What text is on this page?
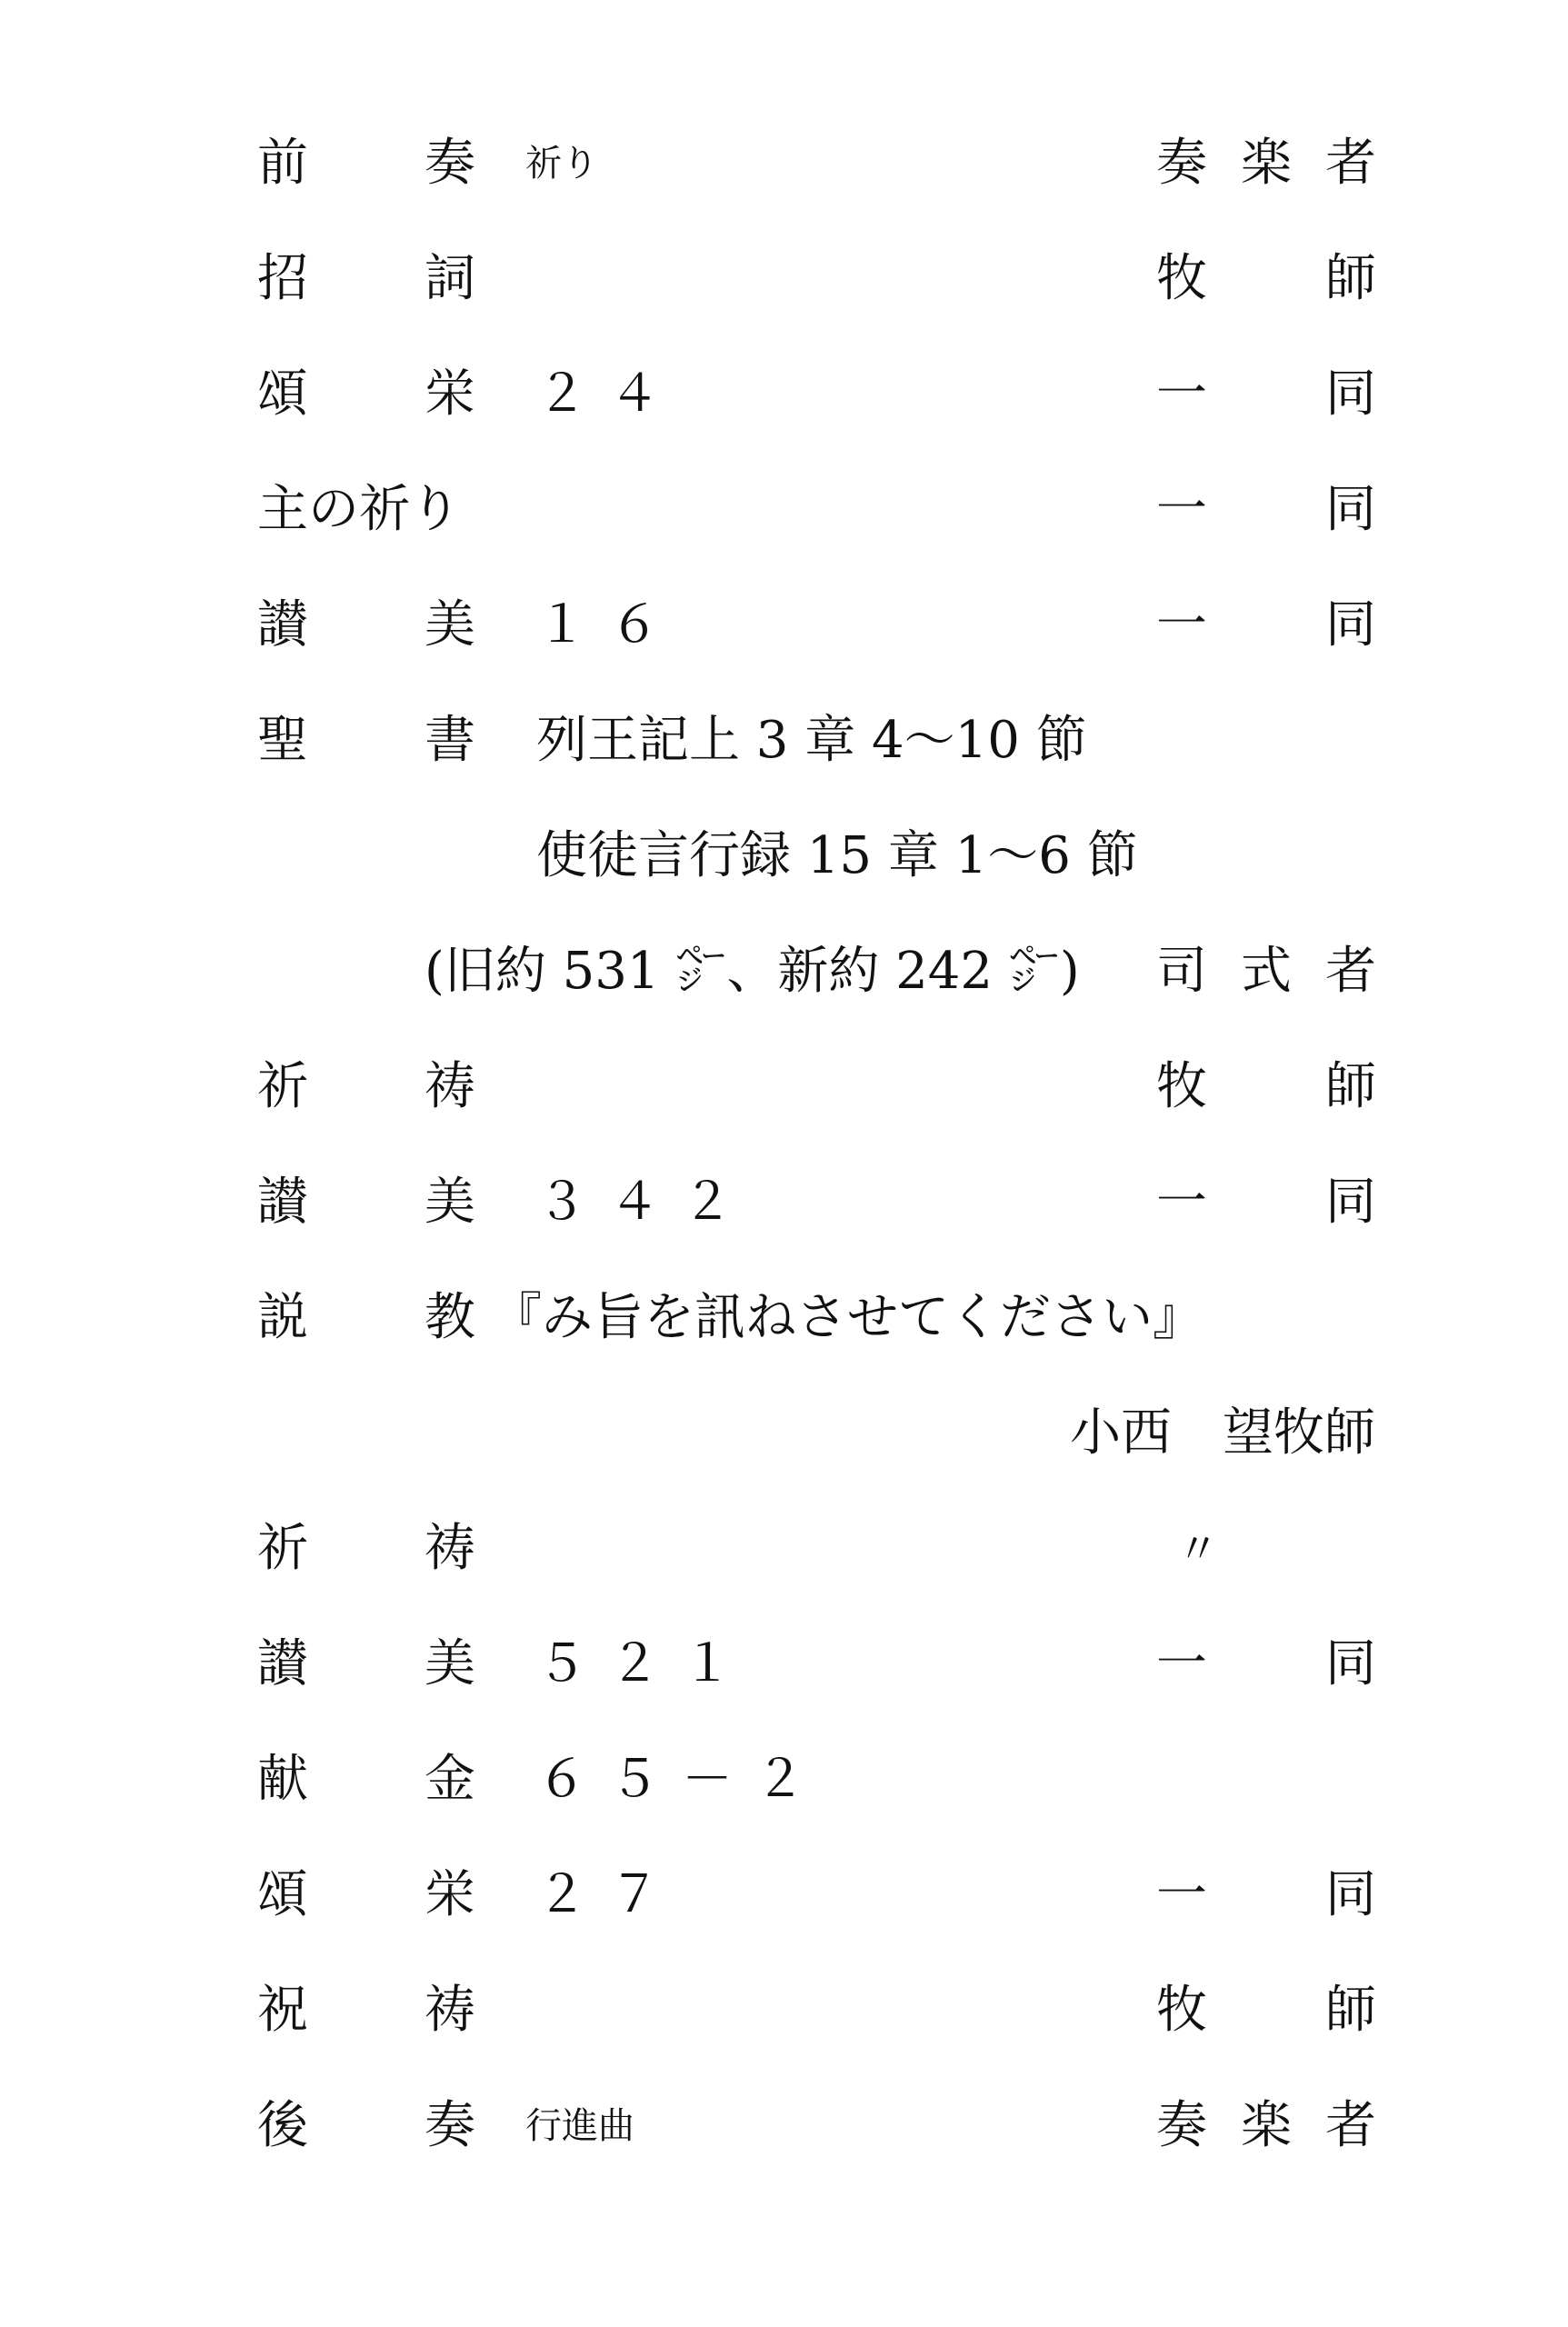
前 奏 祈り	奏 楽 者
招 詞	牧 師
頌 栄 ２４	一 同
主の祈り	一 同
讃 美 １６	一 同
聖 書 列王記上 3 章 4～10 節
使徒言行録 15 章 1～6 節
(旧約 531 ㌻、新約 242 ㌻) 司 式 者
祈 祷	牧 師
讃 美 ３４２	一 同
説 教 『み旨を訊ねさせてください』
小西　望牧師
祈 祷	〃
讃 美 ５２１	一 同
献 金 ６５－２
頌 栄 ２７	一 同
祝 祷	牧 師
後 奏 行進曲	奏 楽 者
